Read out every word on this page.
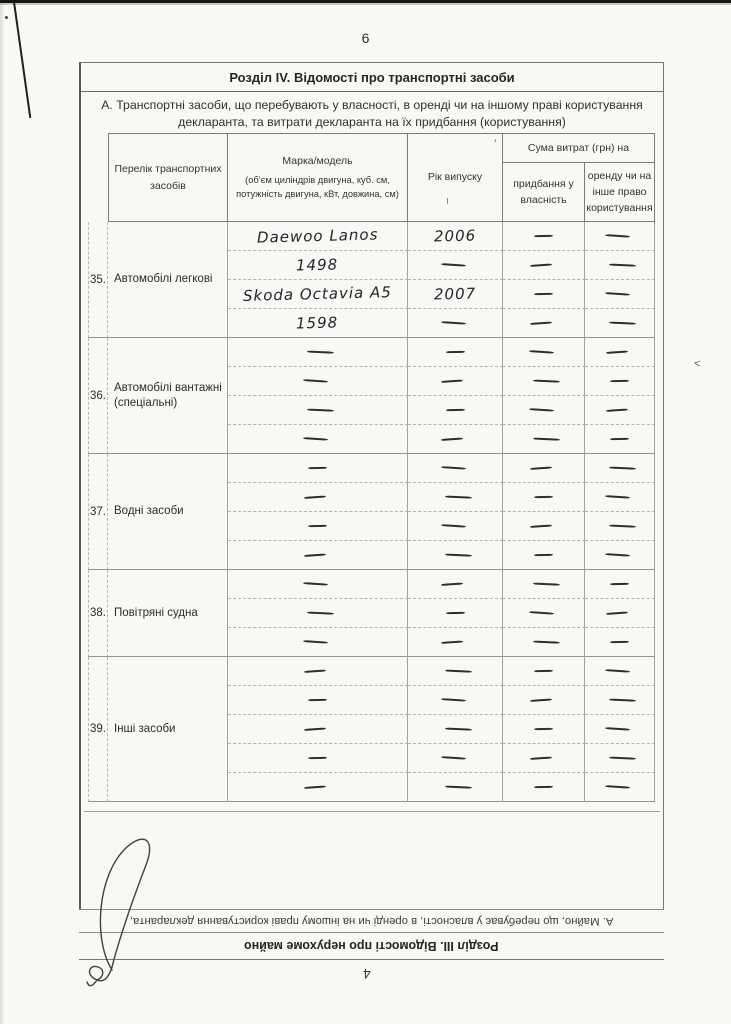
6
Розділ IV. Відомості про транспортні засоби
А. Транспортні засоби, що перебувають у власності, в оренді чи на іншому праві користування декларанта, та витрати декларанта на їх придбання (користування)
А. Майно, що перебуває у власності, в оренді чи на іншому праві користування декларанта,
Розділ III. Відомості про нерухоме майно
Перелік транспортних засобів
Марка/модель
(об’єм циліндрів двигуна, куб. см, потужність двигуна, кВт, довжина, см)
Рік випуску
Сума витрат (грн) на
придбання у власність
оренду чи на інше право користування
35. Автомобілі легкові
Daewoo Lanos	2006
1498
Skoda Octavia A5	2007
1598
36.
Автомобілі вантажні (спеціальні)
37. Водні засоби
38. Повітряні судна
39. Інші засоби
4
<
’
